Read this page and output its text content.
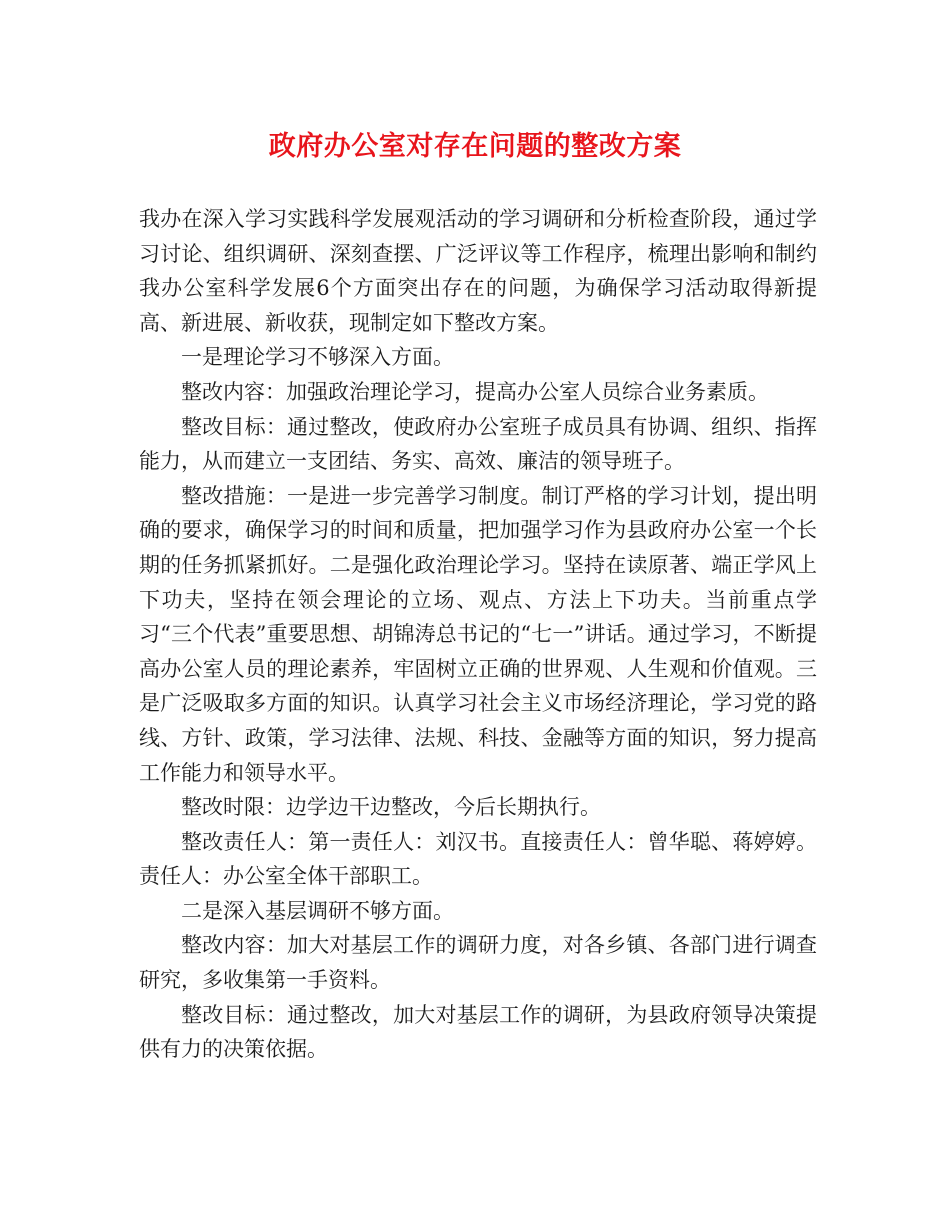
政府办公室对存在问题的整改方案

我办在深入学习实践科学发展观活动的学习调研和分析检查阶段，通过学习讨论、组织调研、深刻查摆、广泛评议等工作程序，梳理出影响和制约我办公室科学发展6个方面突出存在的问题，为确保学习活动取得新提高、新进展、新收获，现制定如下整改方案。

一是理论学习不够深入方面。

整改内容：加强政治理论学习，提高办公室人员综合业务素质。

整改目标：通过整改，使政府办公室班子成员具有协调、组织、指挥能力，从而建立一支团结、务实、高效、廉洁的领导班子。

整改措施：一是进一步完善学习制度。制订严格的学习计划，提出明确的要求，确保学习的时间和质量，把加强学习作为县政府办公室一个长期的任务抓紧抓好。二是强化政治理论学习。坚持在读原著、端正学风上下功夫，坚持在领会理论的立场、观点、方法上下功夫。当前重点学习“三个代表”重要思想、胡锦涛总书记的“七一”讲话。通过学习，不断提高办公室人员的理论素养，牢固树立正确的世界观、人生观和价值观。三是广泛吸取多方面的知识。认真学习社会主义市场经济理论，学习党的路线、方针、政策，学习法律、法规、科技、金融等方面的知识，努力提高工作能力和领导水平。

整改时限：边学边干边整改，今后长期执行。

整改责任人：第一责任人：刘汉书。直接责任人：曾华聪、蒋婷婷。责任人：办公室全体干部职工。

二是深入基层调研不够方面。

整改内容：加大对基层工作的调研力度，对各乡镇、各部门进行调查研究，多收集第一手资料。

整改目标：通过整改，加大对基层工作的调研，为县政府领导决策提供有力的决策依据。
